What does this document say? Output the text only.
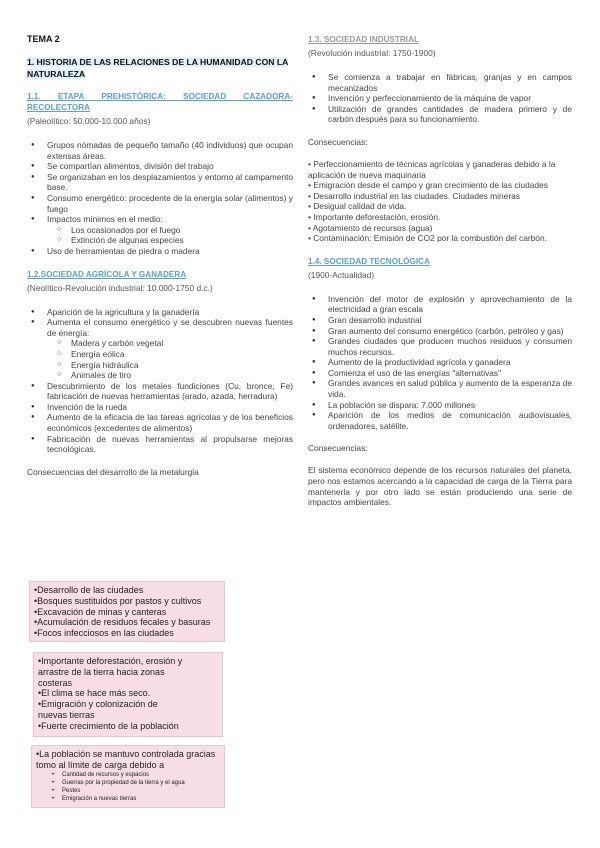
TEMA 2
1. HISTORIA DE LAS RELACIONES DE LA HUMANIDAD CON LA NATURALEZA
1.1. ETAPA PREHISTÓRICA: SOCIEDAD CAZADORA-RECOLECTORA
(Paleolítico: 50.000-10.000 años)
● Grupos nómadas de pequeño tamaño (40 individuos) que ocupan extensas áreas.
● Se compartían alimentos, división del trabajo
● Se organizaban en los desplazamientos y entorno al campamento base.
● Consumo energético: procedente de la energía solar (alimentos) y fuego
● Impactos mínimos en el medio:
○ Los ocasionados por el fuego
○ Extinción de algunas especies
● Uso de herramientas de piedra o madera
1.2.SOCIEDAD AGRÍCOLA Y GANADERA
(Neolítico-Revolución industrial: 10.000-1750 d.c.)
● Aparición de la agricultura y la ganadería
● Aumenta el consumo energético y se descubren nuevas fuentes de energía:
○ Madera y carbón vegetal
○ Energía eólica
○ Energía hidráulica
○ Animales de tiro
● Descubrimiento de los metales fundiciones (Cu, bronce, Fe) fabricación de nuevas herramientas (arado, azada, herradura)
● Invención de la rueda
● Aumento de la eficacia de las tareas agrícolas y de los beneficios económicos (excedentes de alimentos)
● Fabricación de nuevas herramientas al propulsarse mejoras tecnológicas.
Consecuencias del desarrollo de la metalurgia
•Desarrollo de las ciudades
•Bosques sustituidos por pastos y cultivos
•Excavación de minas y canteras
•Acumulación de residuos fecales y basuras
•Focos infecciosos en las ciudades
•Importante deforestación, erosión y
arrastre de la tierra hacia zonas
costeras
•El clima se hace más seco.
•Emigración y colonización de
nuevas tierras
•Fuerte crecimiento de la población
•La población se mantuvo controlada gracias
tomo al límite de carga debido a
• Cantidad de recursos y espacios
• Guerras por la propiedad de la tierra y el agua
• Pestes
• Emigración a nuevas tierras
1.3. SOCIEDAD INDUSTRIAL
(Revolución industrial: 1750-1900)
● Se comienza a trabajar en fábricas, granjas y en campos mecanizados
● Invención y perfeccionamiento de la máquina de vapor
● Utilización de grandes cantidades de madera primero y de carbón después para su funcionamiento.
Consecuencias:
• Perfeccionamiento de técnicas agrícolas y ganaderas debido a la aplicación de nueva maquinaria
• Emigración desde el campo y gran crecimiento de las ciudades
• Desarrollo industrial en las ciudades. Ciudades mineras
• Desigual calidad de vida.
• Importante deforestación, erosión.
• Agotamiento de recursos (agua)
• Contaminación: Emisión de CO2 por la combustión del carbón.
1.4. SOCIEDAD TECNOLÓGICA
(1900-Actualidad)
● Invención del motor de explosión y aprovechamiento de la electricidad a gran escala
● Gran desarrollo industrial
● Gran aumento del consumo energético (carbón, petróleo y gas)
● Grandes ciudades que producen muchos residuos y consumen muchos recursos.
● Aumento de la productividad agrícola y ganadera
● Comienza el uso de las energías "alternativas"
● Grandes avances en salud pública y aumento de la esperanza de vida.
● La población se dispara: 7.000 millones
● Aparición de los medios de comunicación audiovisuales, ordenadores, satélite.
Consecuencias:
El sistema económico depende de los recursos naturales del planeta, pero nos estamos acercando a la capacidad de carga de la Tierra para mantenerla y por otro lado se están produciendo una serie de impactos ambientales.
